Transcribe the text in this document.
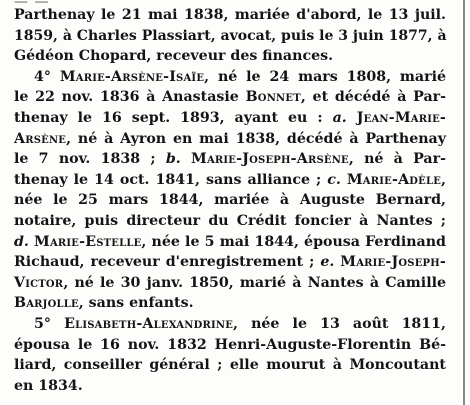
— —
Parthenay le 21 mai 1838, mariée d'abord, le 13 juil.
1859, à Charles Plassiart, avocat, puis le 3 juin 1877, à
Gédéon Chopard, receveur des finances.
4° Marie-Arsène-Isaïe, né le 24 mars 1808, marié
le 22 nov. 1836 à Anastasie Bonnet, et décédé à Par-
thenay le 16 sept. 1893, ayant eu : a. Jean-Marie-
Arsène, né à Ayron en mai 1838, décédé à Parthenay
le 7 nov. 1838 ; b. Marie-Joseph-Arsène, né à Par-
thenay le 14 oct. 1841, sans alliance ; c. Marie-Adèle,
née le 25 mars 1844, mariée à Auguste Bernard,
notaire, puis directeur du Crédit foncier à Nantes ;
d. Marie-Estelle, née le 5 mai 1844, épousa Ferdinand
Richaud, receveur d'enregistrement ; e. Marie-Joseph-
Victor, né le 30 janv. 1850, marié à Nantes à Camille
Barjolle, sans enfants.
5° Elisabeth-Alexandrine, née le 13 août 1811,
épousa le 16 nov. 1832 Henri-Auguste-Florentin Bé-
liard, conseiller général ; elle mourut à Moncoutant
en 1834.
